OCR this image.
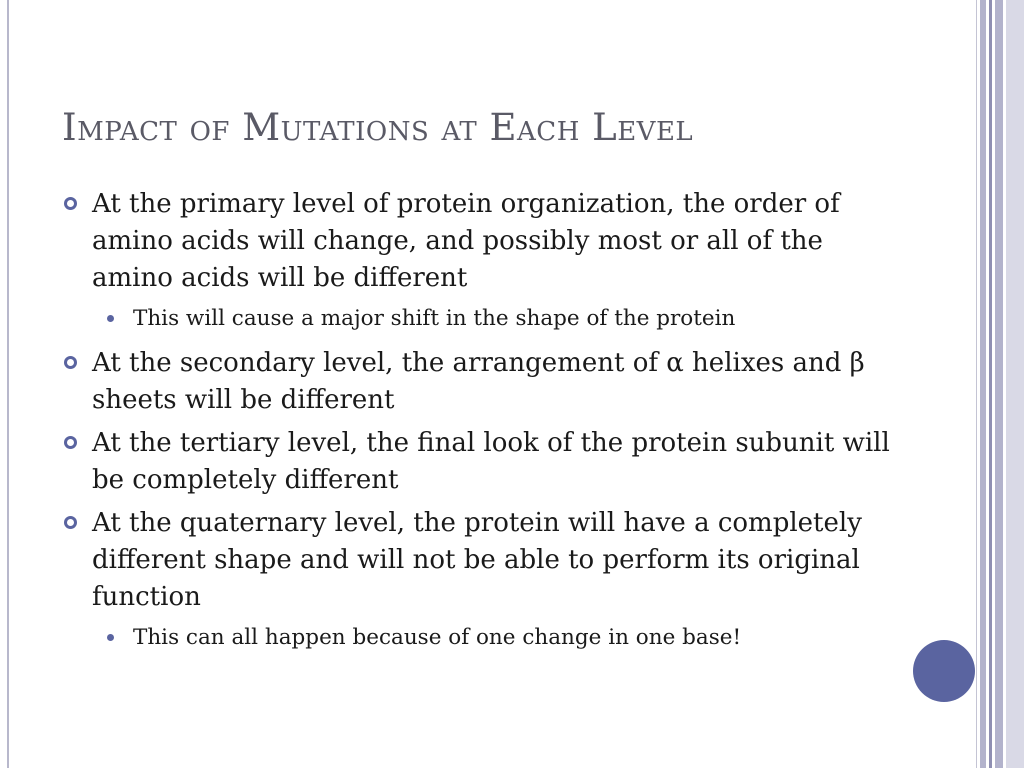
Impact of Mutations at Each Level
At the primary level of protein organization, the order of amino acids will change, and possibly most or all of the amino acids will be different
This will cause a major shift in the shape of the protein
At the secondary level, the arrangement of α helixes and β sheets will be different
At the tertiary level, the final look of the protein subunit will be completely different
At the quaternary level, the protein will have a completely different shape and will not be able to perform its original function
This can all happen because of one change in one base!
